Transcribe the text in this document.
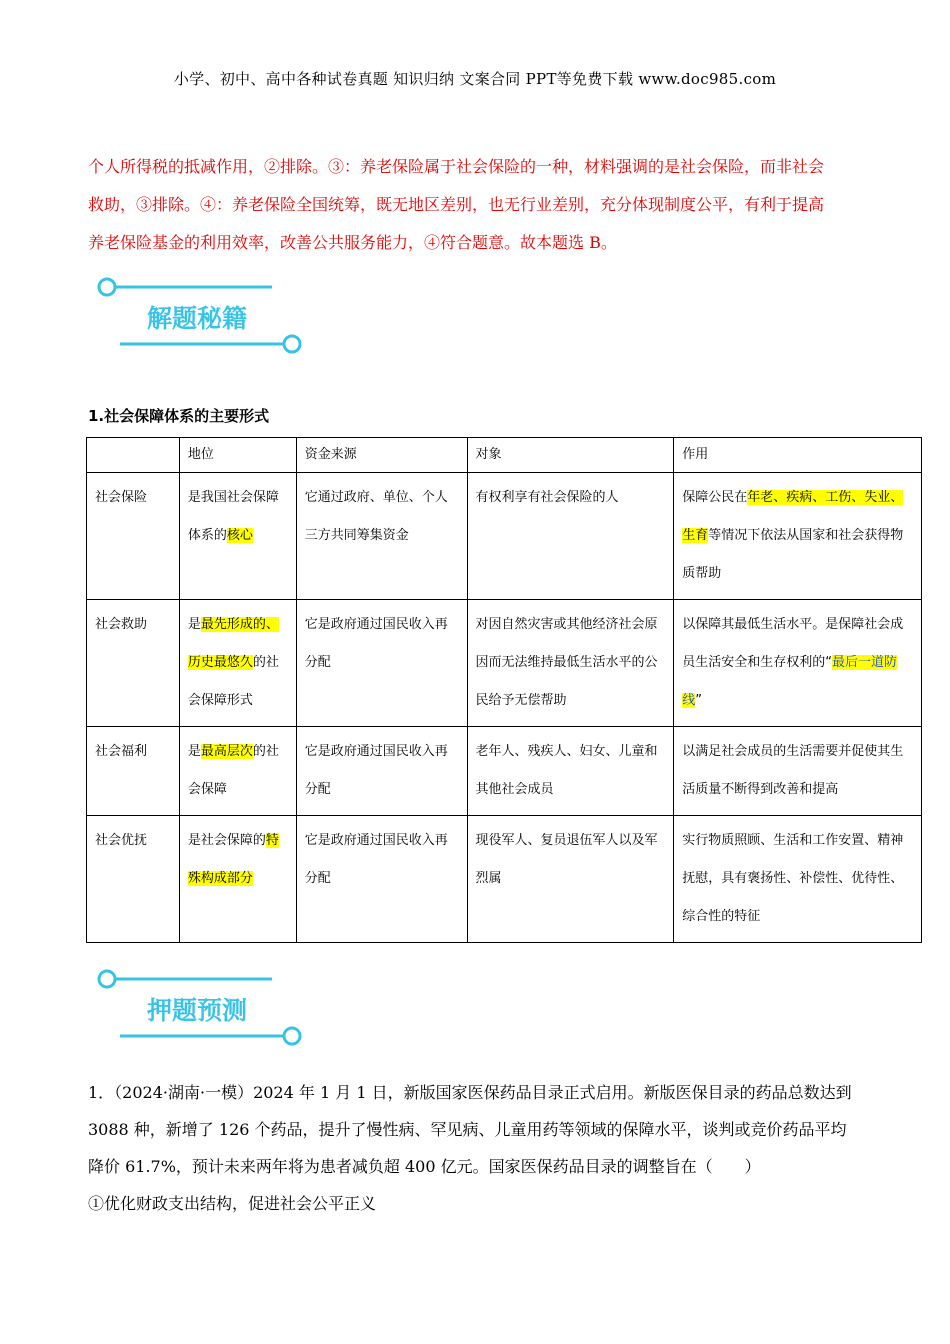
小学、初中、高中各种试卷真题 知识归纳 文案合同 PPT等免费下载 www.doc985.com
个人所得税的抵减作用，②排除。③：养老保险属于社会保险的一种，材料强调的是社会保险，而非社会
救助，③排除。④：养老保险全国统筹，既无地区差别，也无行业差别，充分体现制度公平，有利于提高
养老保险基金的利用效率，改善公共服务能力，④符合题意。故本题选 B。
解题秘籍
1.社会保障体系的主要形式
	地位	资金来源	对象	作用
社会保险	是我国社会保障体系的核心	它通过政府、单位、个人三方共同筹集资金	有权利享有社会保险的人	保障公民在年老、疾病、工伤、失业、生育等情况下依法从国家和社会获得物质帮助
社会救助	是最先形成的、历史最悠久的社会保障形式	它是政府通过国民收入再分配	对因自然灾害或其他经济社会原因而无法维持最低生活水平的公民给予无偿帮助	以保障其最低生活水平。是保障社会成员生活安全和生存权利的“最后一道防线”
社会福利	是最高层次的社会保障	它是政府通过国民收入再分配	老年人、残疾人、妇女、儿童和其他社会成员	以满足社会成员的生活需要并促使其生活质量不断得到改善和提高
社会优抚	是社会保障的特殊构成部分	它是政府通过国民收入再分配	现役军人、复员退伍军人以及军烈属	实行物质照顾、生活和工作安置、精神抚慰，具有褒扬性、补偿性、优待性、综合性的特征
押题预测
1．（2024·湖南·一模）2024 年 1 月 1 日，新版国家医保药品目录正式启用。新版医保目录的药品总数达到
3088 种，新增了 126 个药品，提升了慢性病、罕见病、儿童用药等领域的保障水平，谈判或竞价药品平均
降价 61.7%，预计未来两年将为患者减负超 400 亿元。国家医保药品目录的调整旨在（　　）
①优化财政支出结构，促进社会公平正义
